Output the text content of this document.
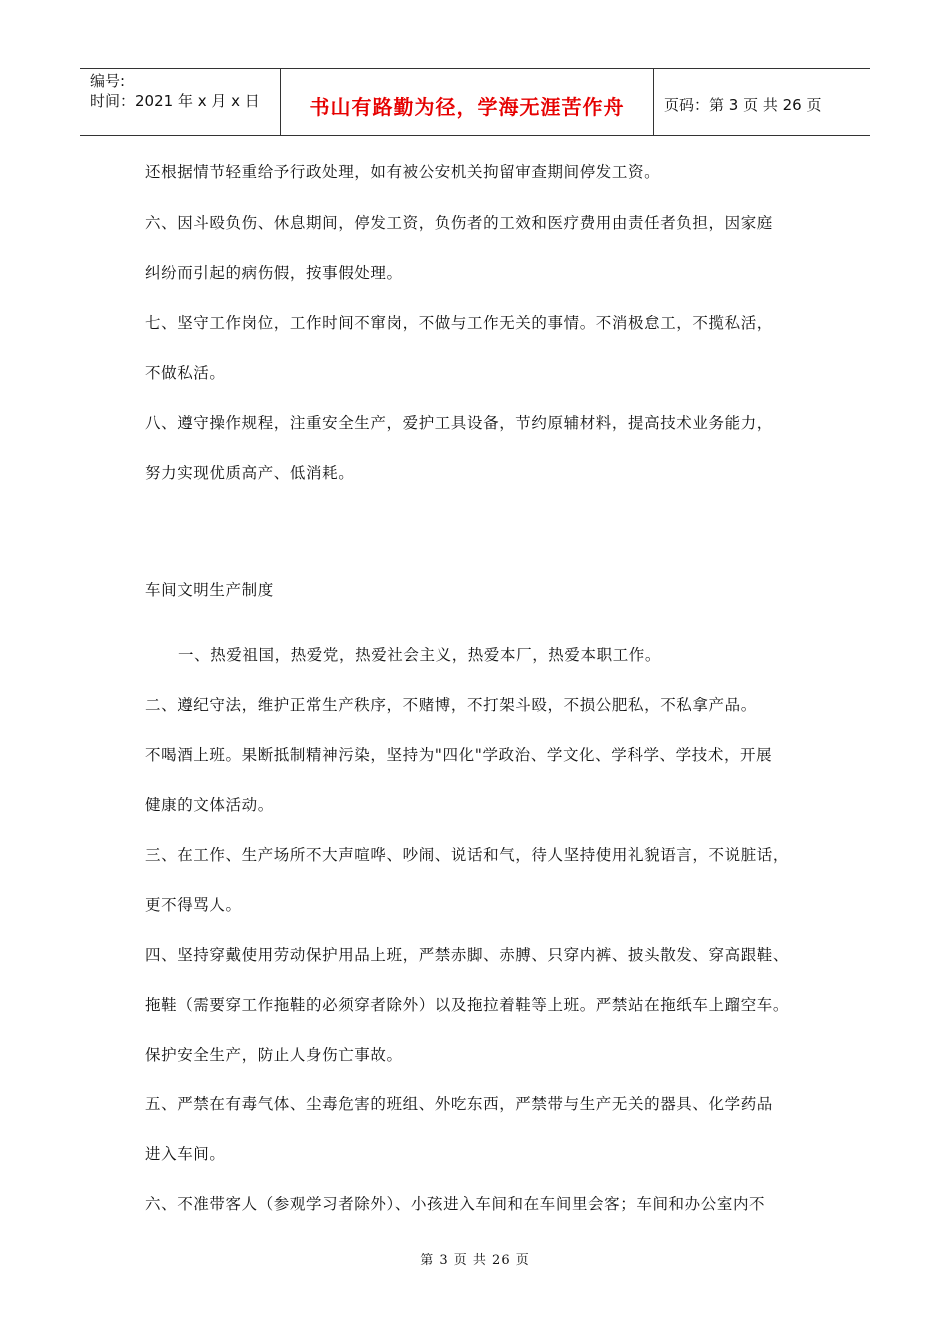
编号:
时间：2021 年 x 月 x 日	书山有路勤为径，学海无涯苦作舟	页码：第 3 页 共 26 页
还根据情节轻重给予行政处理，如有被公安机关拘留审查期间停发工资。
六、因斗殴负伤、休息期间，停发工资，负伤者的工效和医疗费用由责任者负担，因家庭
纠纷而引起的病伤假，按事假处理。
七、坚守工作岗位，工作时间不窜岗，不做与工作无关的事情。不消极怠工，不揽私活，
不做私活。
八、遵守操作规程，注重安全生产，爱护工具设备，节约原辅材料，提高技术业务能力，
努力实现优质高产、低消耗。
车间文明生产制度
一、热爱祖国，热爱党，热爱社会主义，热爱本厂，热爱本职工作。
二、遵纪守法，维护正常生产秩序，不赌博，不打架斗殴，不损公肥私，不私拿产品。
不喝酒上班。果断抵制精神污染，坚持为"四化"学政治、学文化、学科学、学技术，开展
健康的文体活动。
三、在工作、生产场所不大声喧哗、吵闹、说话和气，待人坚持使用礼貌语言，不说脏话，
更不得骂人。
四、坚持穿戴使用劳动保护用品上班，严禁赤脚、赤膊、只穿内裤、披头散发、穿高跟鞋、
拖鞋（需要穿工作拖鞋的必须穿者除外）以及拖拉着鞋等上班。严禁站在拖纸车上蹓空车。
保护安全生产，防止人身伤亡事故。
五、严禁在有毒气体、尘毒危害的班组、外吃东西，严禁带与生产无关的器具、化学药品
进入车间。
六、不准带客人（参观学习者除外）、小孩进入车间和在车间里会客；车间和办公室内不
第 3 页 共 26 页
